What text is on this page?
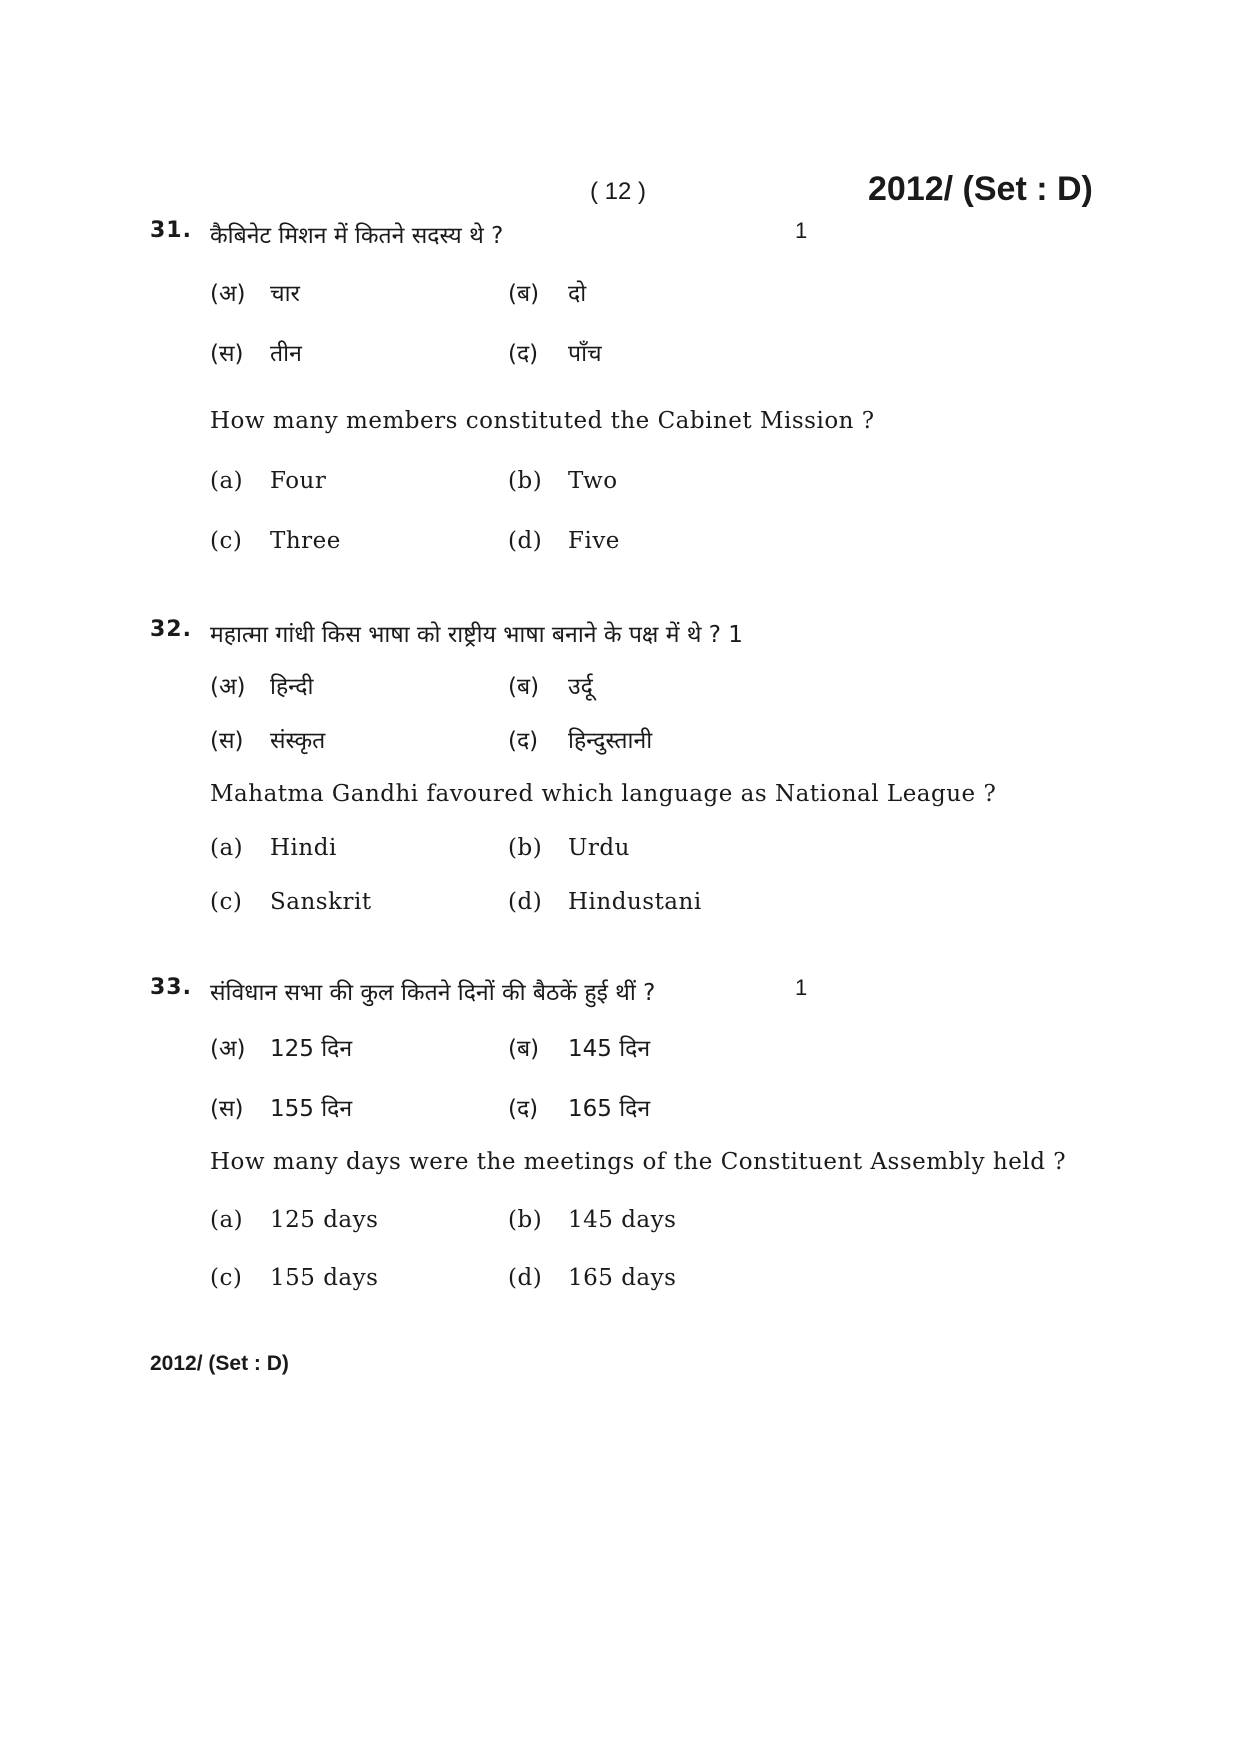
( 12 )	2012/ (Set : D)
31. कैबिनेट मिशन में कितने सदस्य थे ?	1
(अ) चार	(ब) दो
(स) तीन	(द) पाँच
How many members constituted the Cabinet Mission ?
(a) Four	(b) Two
(c) Three	(d) Five
32. महात्मा गांधी किस भाषा को राष्ट्रीय भाषा बनाने के पक्ष में थे ? 1
(अ) हिन्दी	(ब) उर्दू
(स) संस्कृत	(द) हिन्दुस्तानी
Mahatma Gandhi favoured which language as National League ?
(a) Hindi	(b) Urdu
(c) Sanskrit	(d) Hindustani
33. संविधान सभा की कुल कितने दिनों की बैठकें हुई थीं ?	1
(अ) 125 दिन	(ब) 145 दिन
(स) 155 दिन	(द) 165 दिन
How many days were the meetings of the Constituent Assembly held ?
(a) 125 days	(b) 145 days
(c) 155 days	(d) 165 days
2012/ (Set : D)
